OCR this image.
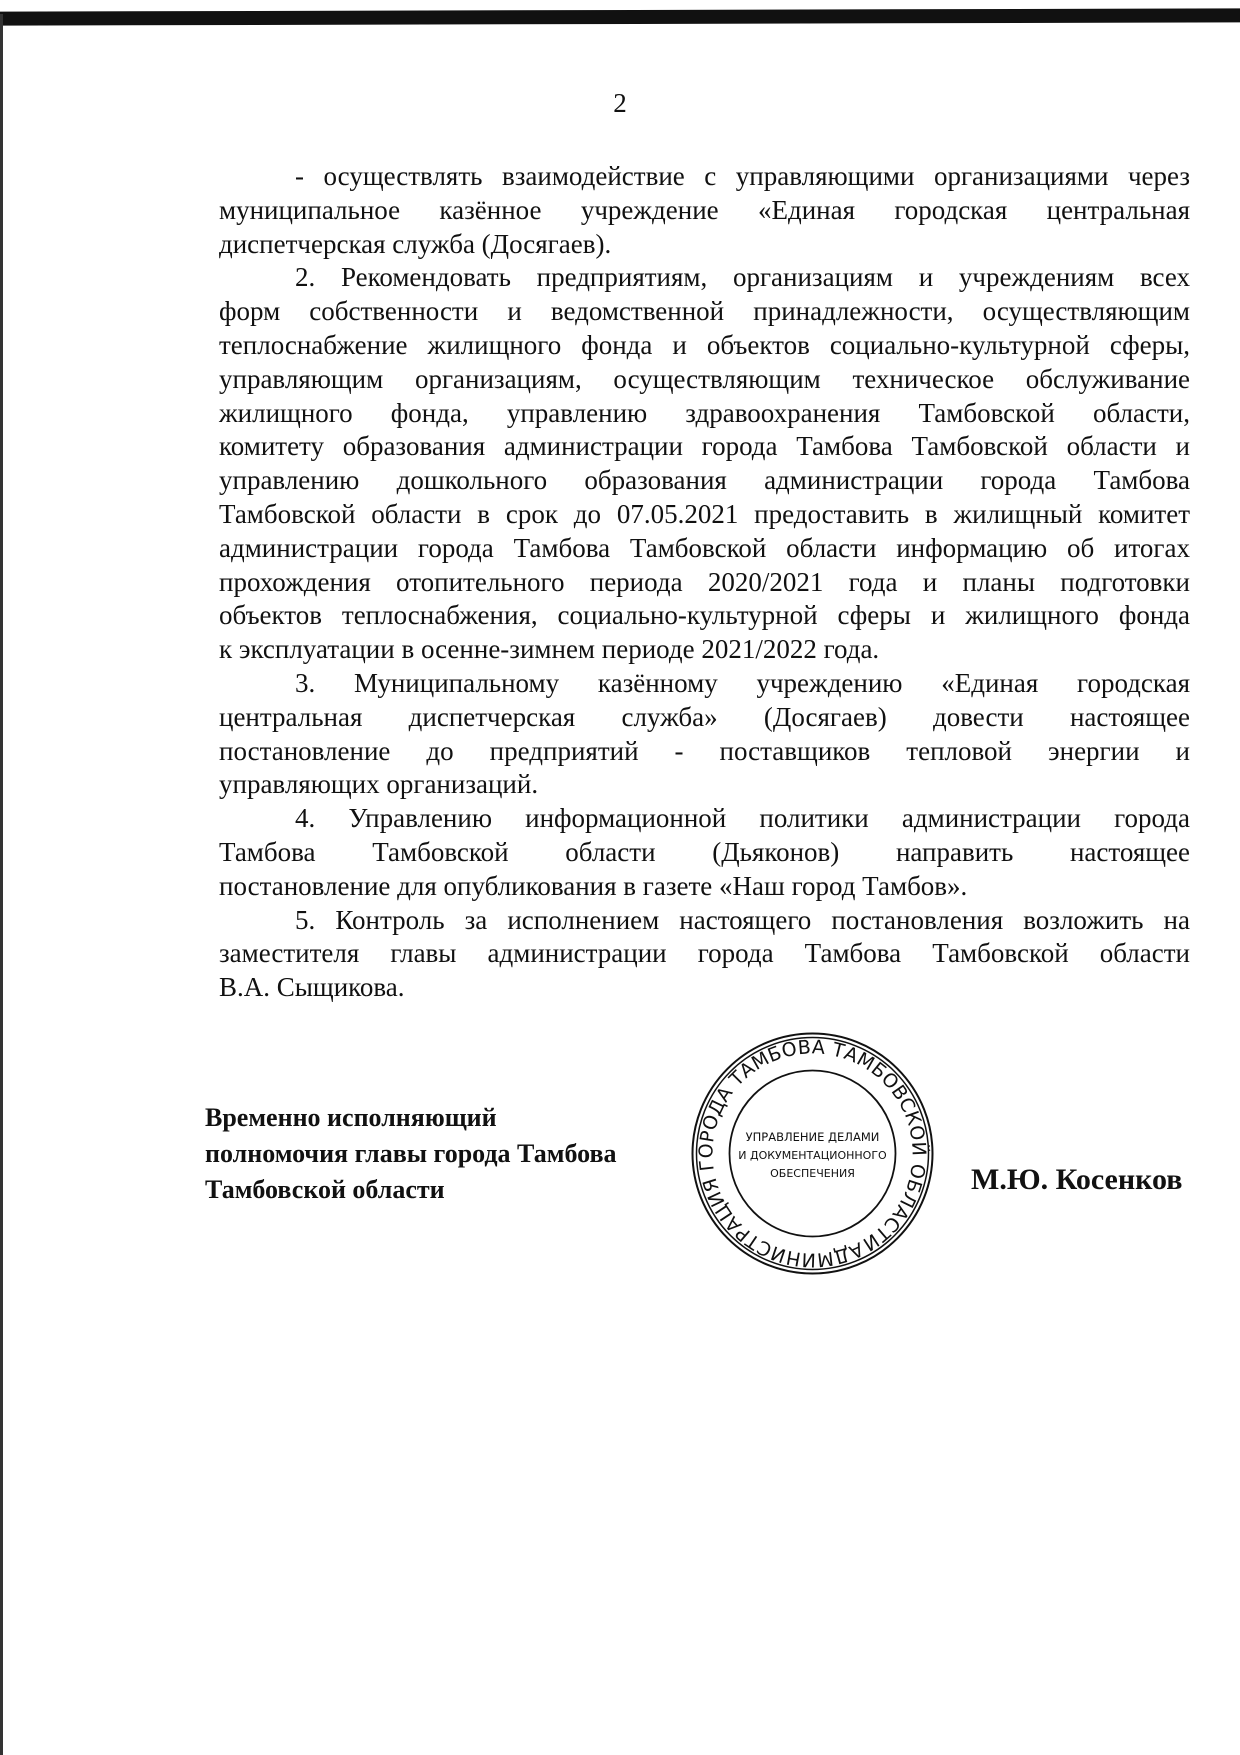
2
- осуществлять взаимодействие с управляющими организациями через
муниципальное казённое учреждение «Единая городская центральная
диспетчерская служба (Досягаев).
2. Рекомендовать предприятиям, организациям и учреждениям всех
форм собственности и ведомственной принадлежности, осуществляющим
теплоснабжение жилищного фонда и объектов социально-культурной сферы,
управляющим организациям, осуществляющим техническое обслуживание
жилищного фонда, управлению здравоохранения Тамбовской области,
комитету образования администрации города Тамбова Тамбовской области и
управлению дошкольного образования администрации города Тамбова
Тамбовской области в срок до 07.05.2021 предоставить в жилищный комитет
администрации города Тамбова Тамбовской области информацию об итогах
прохождения отопительного периода 2020/2021 года и планы подготовки
объектов теплоснабжения, социально-культурной сферы и жилищного фонда
к эксплуатации в осенне-зимнем периоде 2021/2022 года.
3. Муниципальному казённому учреждению «Единая городская
центральная диспетчерская служба» (Досягаев) довести настоящее
постановление до предприятий - поставщиков тепловой энергии и
управляющих организаций.
4. Управлению информационной политики администрации города
Тамбова Тамбовской области (Дьяконов) направить настоящее
постановление для опубликования в газете «Наш город Тамбов».
5. Контроль за исполнением настоящего постановления возложить на
заместителя главы администрации города Тамбова Тамбовской области
В.А. Сыщикова.
Временно исполняющий
полномочия главы города Тамбова
Тамбовской области
АДМИНИСТРАЦИЯ ГОРОДА ТАМБОВА ТАМБОВСКОЙ ОБЛАСТИ
УПРАВЛЕНИЕ ДЕЛАМИ
И ДОКУМЕНТАЦИОННОГО
ОБЕСПЕЧЕНИЯ	М.Ю. Косенков
